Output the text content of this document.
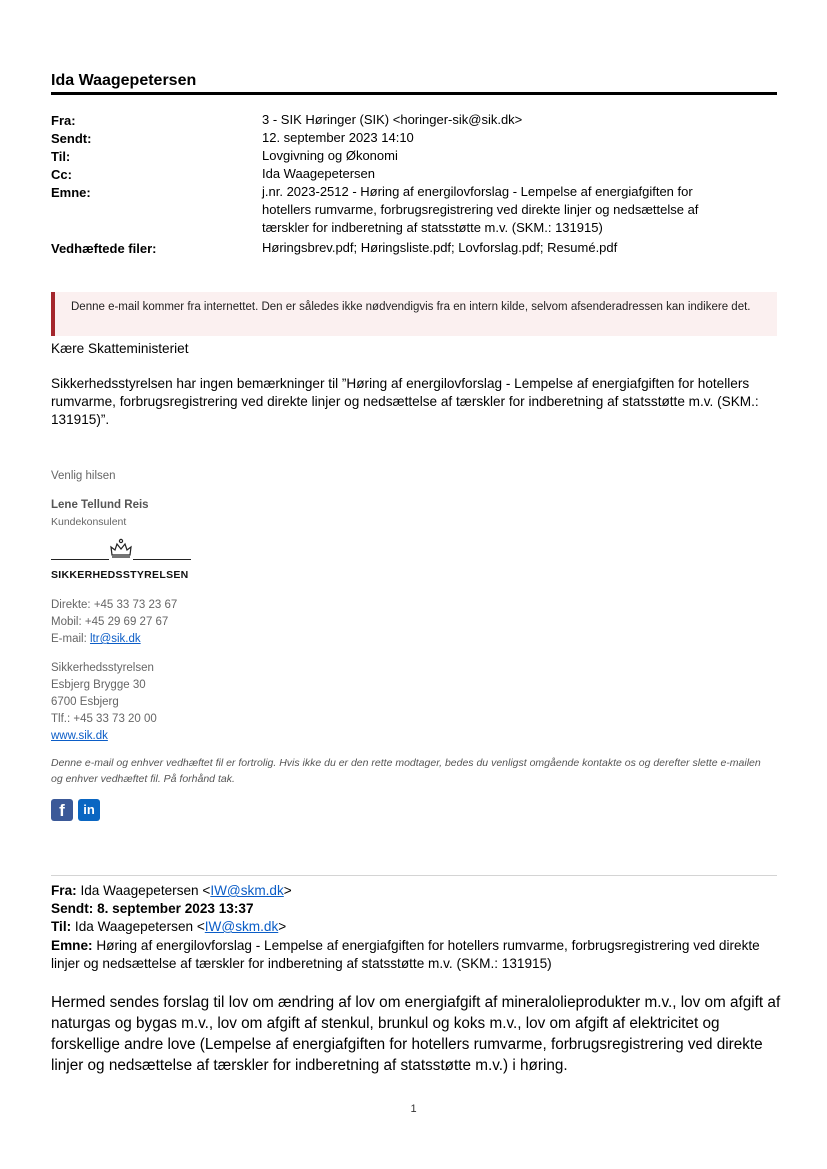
Ida Waagepetersen
Fra:	3 - SIK Høringer (SIK) <horinger-sik@sik.dk>
Sendt:	12. september 2023 14:10
Til:	Lovgivning og Økonomi
Cc:	Ida Waagepetersen
Emne:	j.nr. 2023-2512 - Høring af energilovforslag - Lempelse af energiafgiften for hotellers rumvarme, forbrugsregistrering ved direkte linjer og nedsættelse af tærskler for indberetning af statsstøtte m.v. (SKM.: 131915)
Vedhæftede filer:	Høringsbrev.pdf; Høringsliste.pdf; Lovforslag.pdf; Resumé.pdf
Denne e-mail kommer fra internettet. Den er således ikke nødvendigvis fra en intern kilde, selvom afsenderadressen kan indikere det.
Kære Skatteministeriet
Sikkerhedsstyrelsen har ingen bemærkninger til ”Høring af energilovforslag - Lempelse af energiafgiften for hotellers rumvarme, forbrugsregistrering ved direkte linjer og nedsættelse af tærskler for indberetning af statsstøtte m.v. (SKM.: 131915)”.
Venlig hilsen
Lene Tellund Reis
Kundekonsulent
SIKKERHEDSSTYRELSEN
Direkte: +45 33 73 23 67
Mobil: +45 29 69 27 67
E-mail: ltr@sik.dk
Sikkerhedsstyrelsen
Esbjerg Brygge 30
6700 Esbjerg
Tlf.: +45 33 73 20 00
www.sik.dk
Denne e-mail og enhver vedhæftet fil er fortrolig. Hvis ikke du er den rette modtager, bedes du venligst omgående kontakte os og derefter slette e-mailen og enhver vedhæftet fil. På forhånd tak.
f	in
Fra: Ida Waagepetersen <IW@skm.dk>
Sendt: 8. september 2023 13:37
Til: Ida Waagepetersen <IW@skm.dk>
Emne: Høring af energilovforslag - Lempelse af energiafgiften for hotellers rumvarme, forbrugsregistrering ved direkte linjer og nedsættelse af tærskler for indberetning af statsstøtte m.v. (SKM.: 131915)
Hermed sendes forslag til lov om ændring af lov om energiafgift af mineralolieprodukter m.v., lov om afgift af naturgas og bygas m.v., lov om afgift af stenkul, brunkul og koks m.v., lov om afgift af elektricitet og forskellige andre love (Lempelse af energiafgiften for hotellers rumvarme, forbrugsregistrering ved direkte linjer og nedsættelse af tærskler for indberetning af statsstøtte m.v.) i høring.
1
